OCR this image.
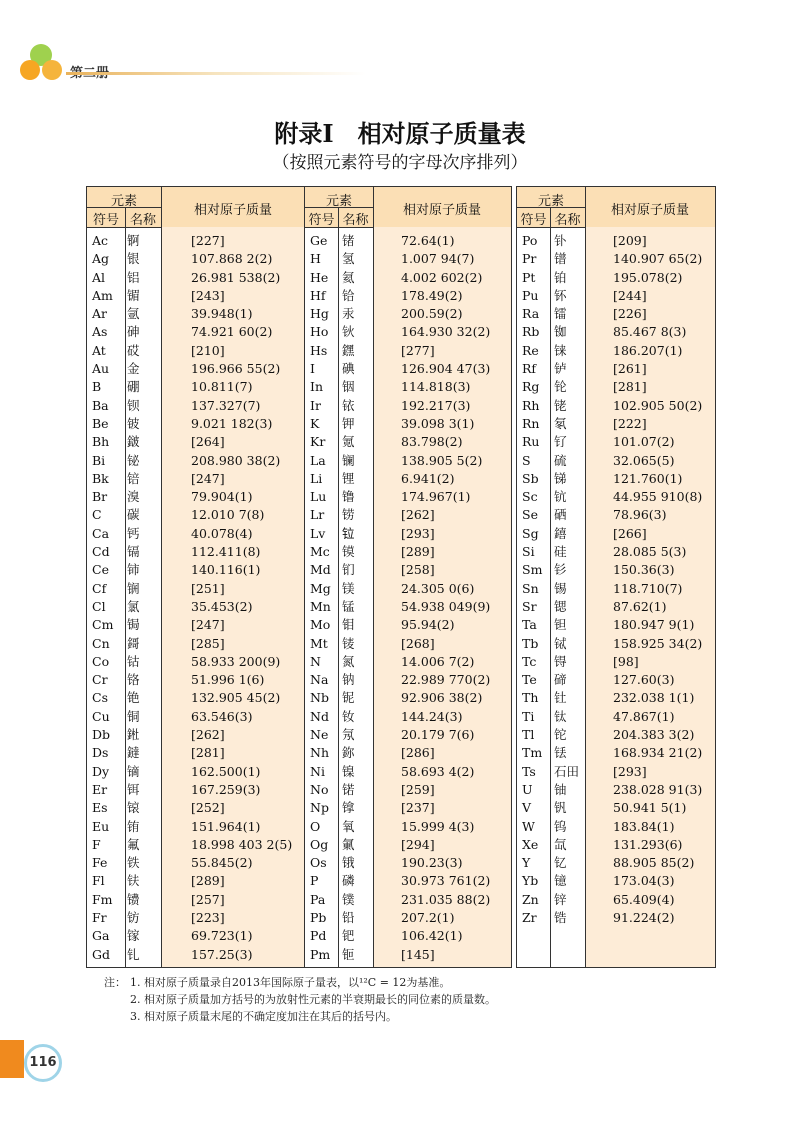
附录Ⅰ　相对原子质量表
（按照元素符号的字母次序排列）
元素
符号 名称
相对原子质量
Ac 锕	[227]
Ag 银	107.868 2(2)
Al 铝	26.981 538(2)
Am 镅	[243]
Ar 氩	39.948(1)
As 砷	74.921 60(2)
At 砹	[210]
Au 金	196.966 55(2)
B 硼	10.811(7)
Ba 钡	137.327(7)
Be 铍	9.021 182(3)
Bh 𨨏	[264]
Bi 铋	208.980 38(2)
Bk 锫	[247]
Br 溴	79.904(1)
C 碳	12.010 7(8)
Ca 钙	40.078(4)
Cd 镉	112.411(8)
Ce 铈	140.116(1)
Cf 锎	[251]
Cl 氯	35.453(2)
Cm 锔	[247]
Cn 鎶	[285]
Co 钴	58.933 200(9)
Cr 铬	51.996 1(6)
Cs 铯	132.905 45(2)
Cu 铜	63.546(3)
Db 𨧀	[262]
Ds 鐽	[281]
Dy 镝	162.500(1)
Er 铒	167.259(3)
Es 锿	[252]
Eu 铕	151.964(1)
F 氟	18.998 403 2(5)
Fe 铁	55.845(2)
Fl 𫓧	[289]
Fm 镄	[257]
Fr 钫	[223]
Ga 镓	69.723(1)
Gd 钆	157.25(3)
元素
符号 名称
相对原子质量
Ge 锗	72.64(1)
H 氢	1.007 94(7)
He 氦	4.002 602(2)
Hf 铪	178.49(2)
Hg 汞	200.59(2)
Ho 钬	164.930 32(2)
Hs 𨭆	[277]
I 碘	126.904 47(3)
In 铟	114.818(3)
Ir 铱	192.217(3)
K 钾	39.098 3(1)
Kr 氪	83.798(2)
La 镧	138.905 5(2)
Li 锂	6.941(2)
Lu 镥	174.967(1)
Lr 铹	[262]
Lv 𫟷	[293]
Mc 镆	[289]
Md 钔	[258]
Mg 镁	24.305 0(6)
Mn 锰	54.938 049(9)
Mo 钼	95.94(2)
Mt 鿏	[268]
N 氮	14.006 7(2)
Na 钠	22.989 770(2)
Nb 铌	92.906 38(2)
Nd 钕	144.24(3)
Ne 氖	20.179 7(6)
Nh 鉨	[286]
Ni 镍	58.693 4(2)
No 锘	[259]
Np 镎	[237]
O 氧	15.999 4(3)
Og 氭	[294]
Os 锇	190.23(3)
P 磷	30.973 761(2)
Pa 镤	231.035 88(2)
Pb 铅	207.2(1)
Pd 钯	106.42(1)
Pm 钷	[145]
元素
符号 名称
相对原子质量
Po 钋	[209]
Pr 镨	140.907 65(2)
Pt 铂	195.078(2)
Pu 钚	[244]
Ra 镭	[226]
Rb 铷	85.467 8(3)
Re 铼	186.207(1)
Rf 𬬻	[261]
Rg 𬬭	[281]
Rh 铑	102.905 50(2)
Rn 氡	[222]
Ru 钌	101.07(2)
S 硫	32.065(5)
Sb 锑	121.760(1)
Sc 钪	44.955 910(8)
Se 硒	78.96(3)
Sg 𨭎	[266]
Si 硅	28.085 5(3)
Sm 钐	150.36(3)
Sn 锡	118.710(7)
Sr 锶	87.62(1)
Ta 钽	180.947 9(1)
Tb 铽	158.925 34(2)
Tc 锝	[98]
Te 碲	127.60(3)
Th 钍	232.038 1(1)
Ti 钛	47.867(1)
Tl 铊	204.383 3(2)
Tm 铥	168.934 21(2)
Ts 石田	[293]
U 铀	238.028 91(3)
V 钒	50.941 5(1)
W 钨	183.84(1)
Xe 氙	131.293(6)
Y 钇	88.905 85(2)
Yb 镱	173.04(3)
Zn 锌	65.409(4)
Zr 锆	91.224(2)
注： 1. 相对原子质量录自2013年国际原子量表，以¹²C = 12为基准。
2. 相对原子质量加方括号的为放射性元素的半衰期最长的同位素的质量数。
3. 相对原子质量末尾的不确定度加注在其后的括号内。
116
